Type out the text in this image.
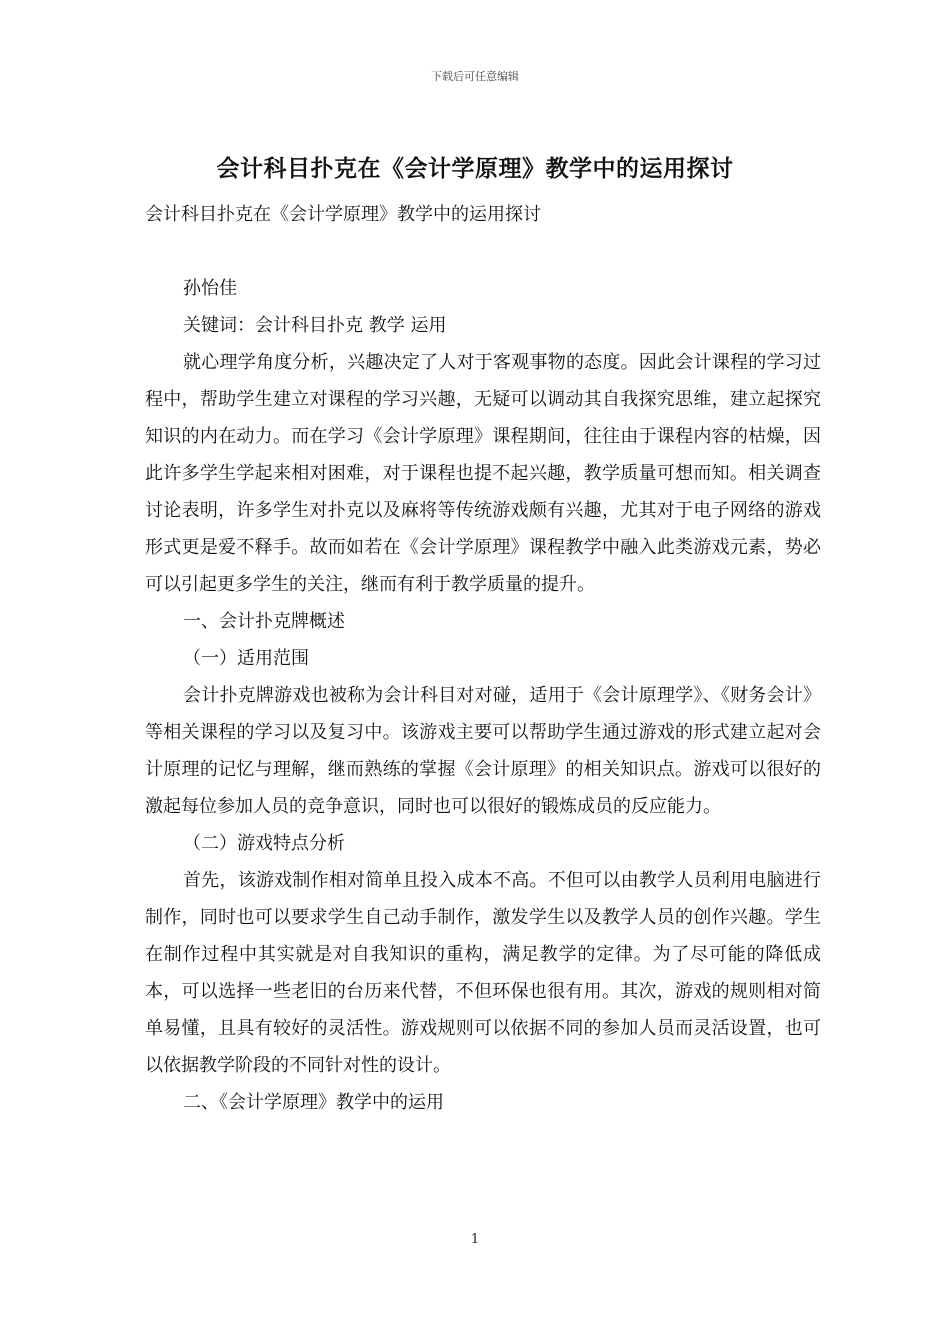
下载后可任意编辑
会计科目扑克在《会计学原理》教学中的运用探讨

会计科目扑克在《会计学原理》教学中的运用探讨

孙怡佳

关键词：会计科目扑克 教学 运用

就心理学角度分析，兴趣决定了人对于客观事物的态度。因此会计课程的学习过程中，帮助学生建立对课程的学习兴趣，无疑可以调动其自我探究思维，建立起探究知识的内在动力。而在学习《会计学原理》课程期间，往往由于课程内容的枯燥，因此许多学生学起来相对困难，对于课程也提不起兴趣，教学质量可想而知。相关调查讨论表明，许多学生对扑克以及麻将等传统游戏颇有兴趣，尤其对于电子网络的游戏形式更是爱不释手。故而如若在《会计学原理》课程教学中融入此类游戏元素，势必可以引起更多学生的关注，继而有利于教学质量的提升。

一、会计扑克牌概述

（一）适用范围

会计扑克牌游戏也被称为会计科目对对碰，适用于《会计原理学》、《财务会计》等相关课程的学习以及复习中。该游戏主要可以帮助学生通过游戏的形式建立起对会计原理的记忆与理解，继而熟练的掌握《会计原理》的相关知识点。游戏可以很好的激起每位参加人员的竞争意识，同时也可以很好的锻炼成员的反应能力。

（二）游戏特点分析

首先，该游戏制作相对简单且投入成本不高。不但可以由教学人员利用电脑进行制作，同时也可以要求学生自己动手制作，激发学生以及教学人员的创作兴趣。学生在制作过程中其实就是对自我知识的重构，满足教学的定律。为了尽可能的降低成本，可以选择一些老旧的台历来代替，不但环保也很有用。其次，游戏的规则相对简单易懂，且具有较好的灵活性。游戏规则可以依据不同的参加人员而灵活设置，也可以依据教学阶段的不同针对性的设计。

二、《会计学原理》教学中的运用

1
